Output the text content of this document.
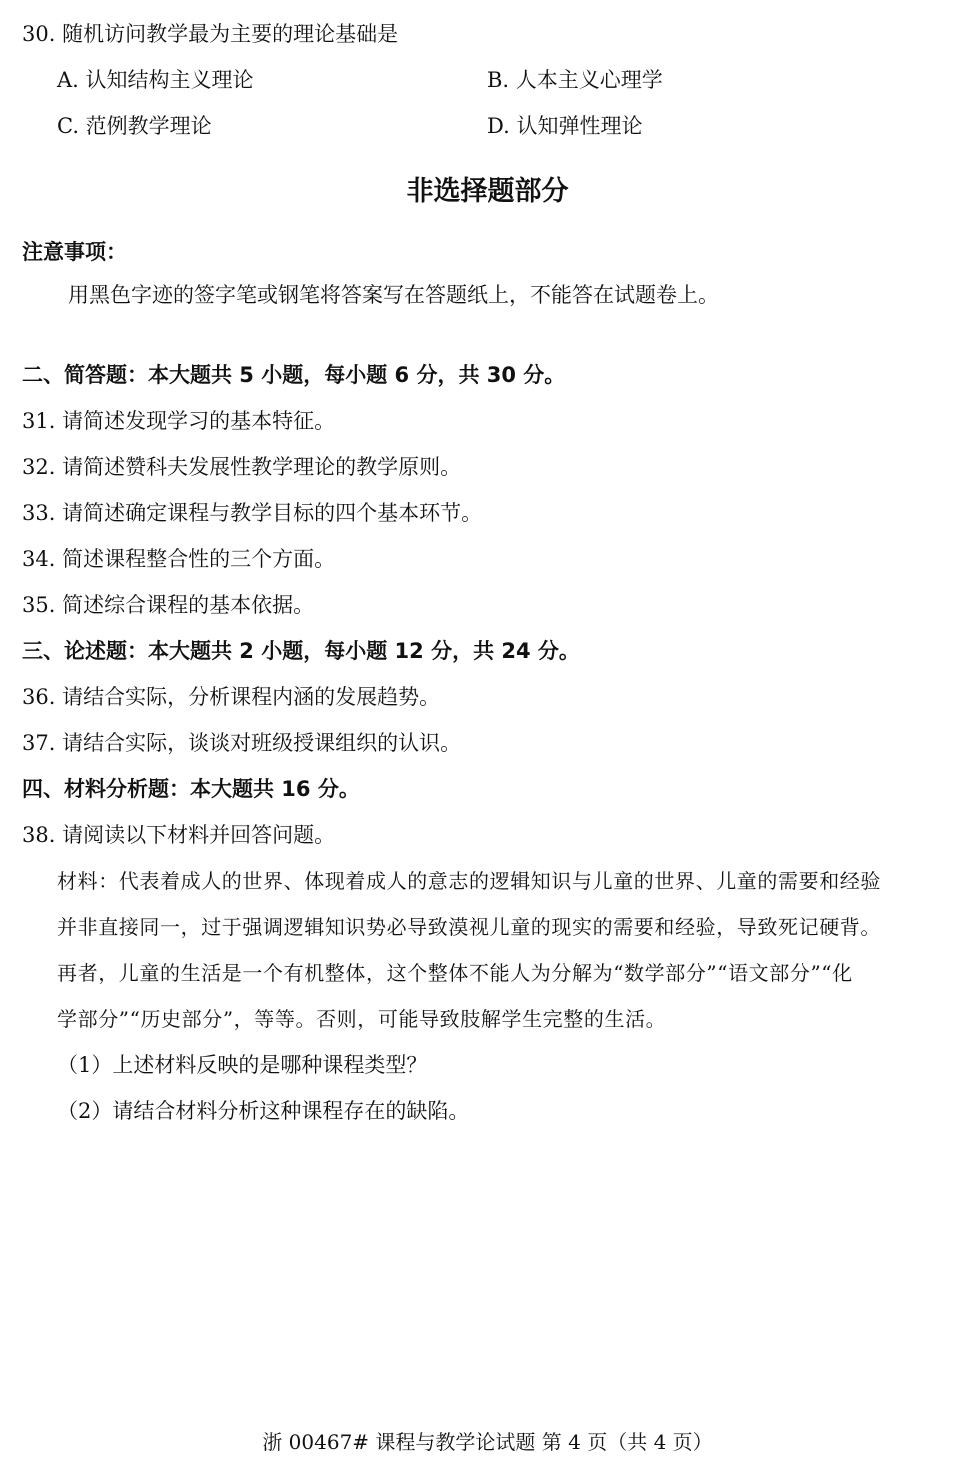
30. 随机访问教学最为主要的理论基础是
A. 认知结构主义理论	B. 人本主义心理学
C. 范例教学理论	D. 认知弹性理论
非选择题部分
注意事项：
用黑色字迹的签字笔或钢笔将答案写在答题纸上，不能答在试题卷上。
二、简答题：本大题共 5 小题，每小题 6 分，共 30 分。
31. 请简述发现学习的基本特征。
32. 请简述赞科夫发展性教学理论的教学原则。
33. 请简述确定课程与教学目标的四个基本环节。
34. 简述课程整合性的三个方面。
35. 简述综合课程的基本依据。
三、论述题：本大题共 2 小题，每小题 12 分，共 24 分。
36. 请结合实际，分析课程内涵的发展趋势。
37. 请结合实际，谈谈对班级授课组织的认识。
四、材料分析题：本大题共 16 分。
38. 请阅读以下材料并回答问题。
材料：代表着成人的世界、体现着成人的意志的逻辑知识与儿童的世界、儿童的需要和经验
并非直接同一，过于强调逻辑知识势必导致漠视儿童的现实的需要和经验，导致死记硬背。
再者，儿童的生活是一个有机整体，这个整体不能人为分解为“数学部分”“语文部分”“化
学部分”“历史部分”，等等。否则，可能导致肢解学生完整的生活。
（1）上述材料反映的是哪种课程类型？
（2）请结合材料分析这种课程存在的缺陷。
浙 00467# 课程与教学论试题 第 4 页（共 4 页）
